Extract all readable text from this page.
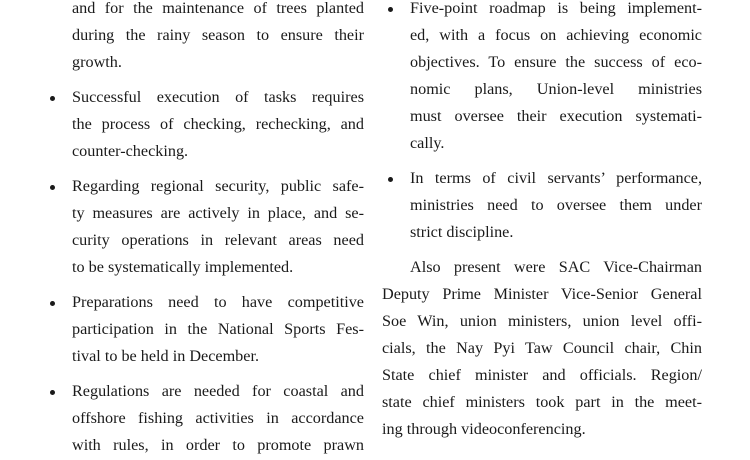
and for the maintenance of trees planted
during the rainy season to ensure their
growth.
Successful execution of tasks requires
the process of checking, rechecking, and
counter-checking.
Regarding regional security, public safe-
ty measures are actively in place, and se-
curity operations in relevant areas need
to be systematically implemented.
Preparations need to have competitive
participation in the National Sports Fes-
tival to be held in December.
Regulations are needed for coastal and
offshore fishing activities in accordance
with rules, in order to promote prawn
Five-point roadmap is being implement-
ed, with a focus on achieving economic
objectives. To ensure the success of eco-
nomic plans, Union-level ministries
must oversee their execution systemati-
cally.
In terms of civil servants’ performance,
ministries need to oversee them under
strict discipline.
Also present were SAC Vice-Chairman
Deputy Prime Minister Vice-Senior General
Soe Win, union ministers, union level offi-
cials, the Nay Pyi Taw Council chair, Chin
State chief minister and officials. Region/
state chief ministers took part in the meet-
ing through videoconferencing.
